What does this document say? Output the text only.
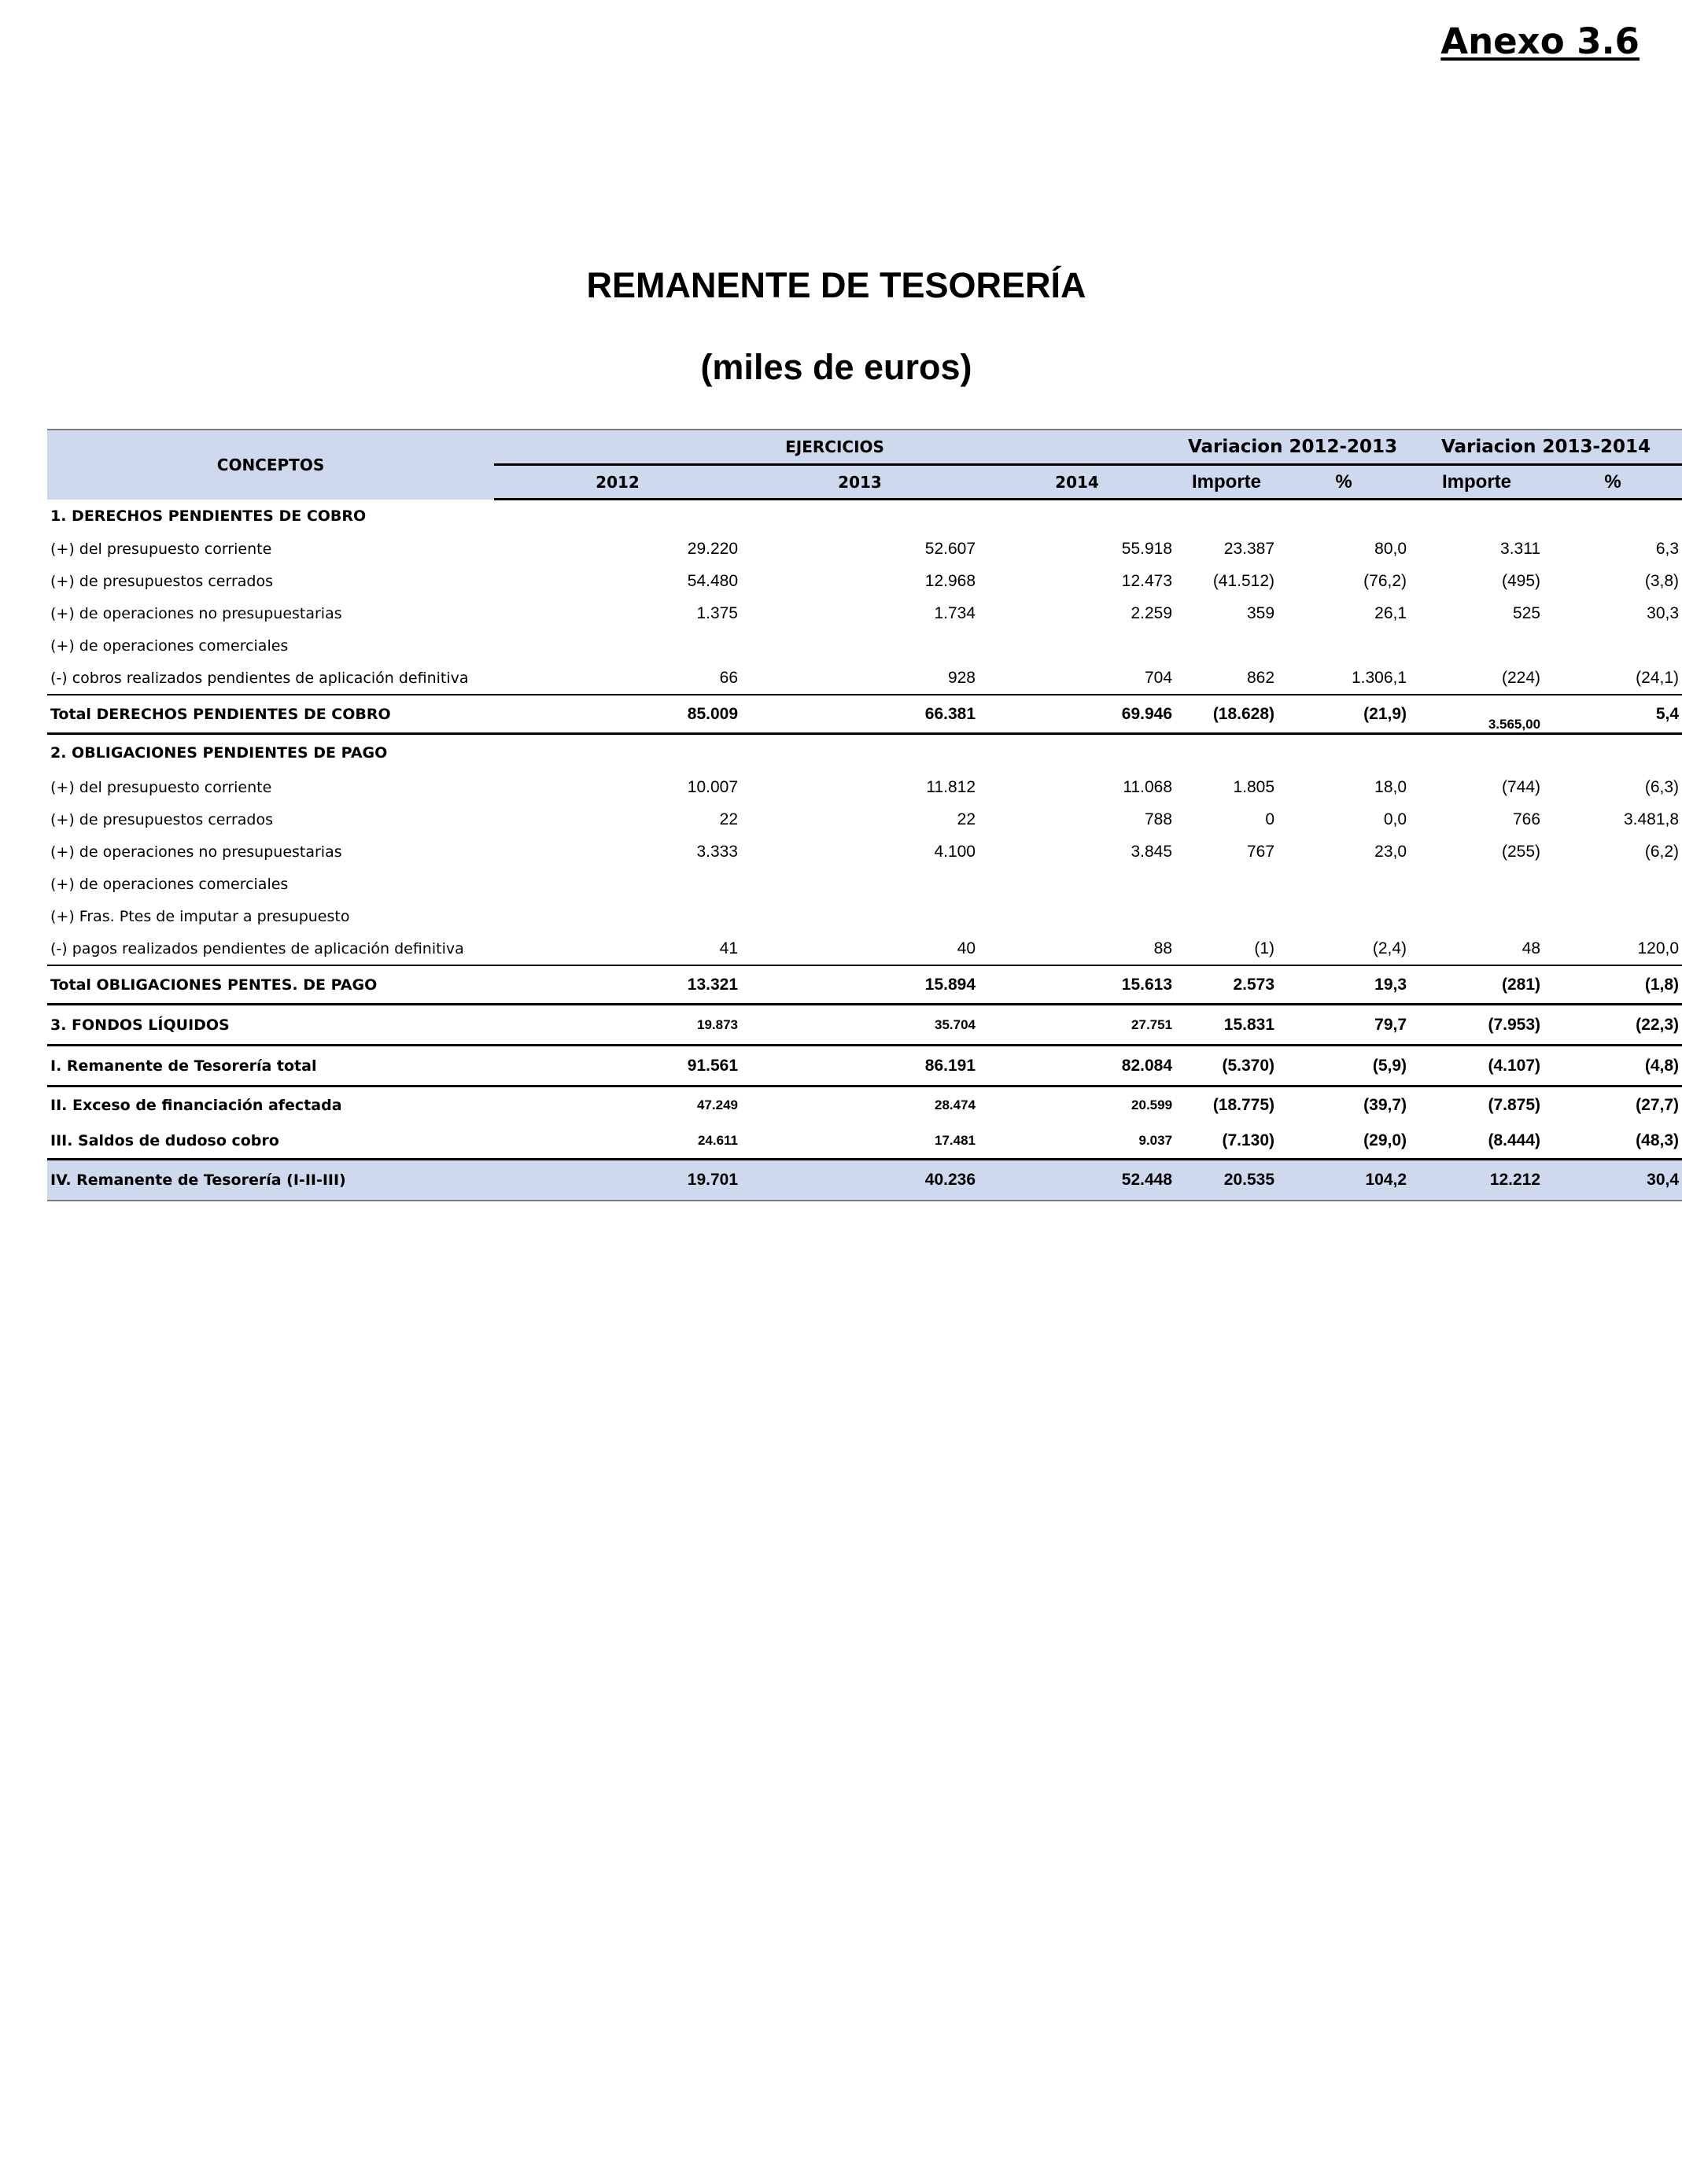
Anexo 3.6
REMANENTE DE TESORERÍA
(miles de euros)
CONCEPTOS	EJERCICIOS			Variacion 2012-2013		Variacion 2013-2014	
	2012	2013	2014	Importe	%	Importe	%
1. DERECHOS PENDIENTES DE COBRO							
(+) del presupuesto corriente	29.220	52.607	55.918	23.387	80,0	3.311	6,3
(+) de presupuestos cerrados	54.480	12.968	12.473	(41.512)	(76,2)	(495)	(3,8)
(+) de operaciones no presupuestarias	1.375	1.734	2.259	359	26,1	525	30,3
(+) de operaciones comerciales							
(-) cobros realizados pendientes de aplicación definitiva	66	928	704	862	1.306,1	(224)	(24,1)
Total DERECHOS PENDIENTES DE COBRO	85.009	66.381	69.946	(18.628)	(21,9)	3.565,00	5,4
2. OBLIGACIONES PENDIENTES DE PAGO							
(+) del presupuesto corriente	10.007	11.812	11.068	1.805	18,0	(744)	(6,3)
(+) de presupuestos cerrados	22	22	788	0	0,0	766	3.481,8
(+) de operaciones no presupuestarias	3.333	4.100	3.845	767	23,0	(255)	(6,2)
(+) de operaciones comerciales							
(+) Fras. Ptes de imputar a presupuesto							
(-) pagos realizados pendientes de aplicación definitiva	41	40	88	(1)	(2,4)	48	120,0
Total OBLIGACIONES PENTES. DE PAGO	13.321	15.894	15.613	2.573	19,3	(281)	(1,8)
3. FONDOS LÍQUIDOS	19.873	35.704	27.751	15.831	79,7	(7.953)	(22,3)
I. Remanente de Tesorería total	91.561	86.191	82.084	(5.370)	(5,9)	(4.107)	(4,8)
II. Exceso de financiación afectada	47.249	28.474	20.599	(18.775)	(39,7)	(7.875)	(27,7)
III. Saldos de dudoso cobro	24.611	17.481	9.037	(7.130)	(29,0)	(8.444)	(48,3)
IV. Remanente de Tesorería (I-II-III)	19.701	40.236	52.448	20.535	104,2	12.212	30,4
